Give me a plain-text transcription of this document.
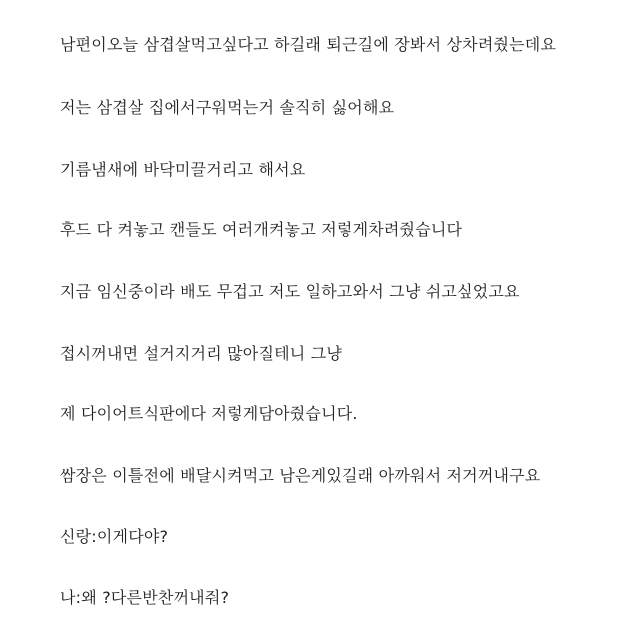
남편이오늘 삼겹살먹고싶다고 하길래 퇴근길에 장봐서 상차려줬는데요

저는 삼겹살 집에서구워먹는거 솔직히 싫어해요

기름냄새에 바닥미끌거리고 해서요

후드 다 켜놓고 캔들도 여러개켜놓고 저렇게차려줬습니다

지금 임신중이라 배도 무겁고 저도 일하고와서 그냥 쉬고싶었고요

접시꺼내면 설거지거리 많아질테니 그냥

제 다이어트식판에다 저렇게담아줬습니다.

쌈장은 이틀전에 배달시켜먹고 남은게있길래 아까워서 저거꺼내구요

신랑:이게다야?

나:왜 ?다른반찬꺼내줘?
